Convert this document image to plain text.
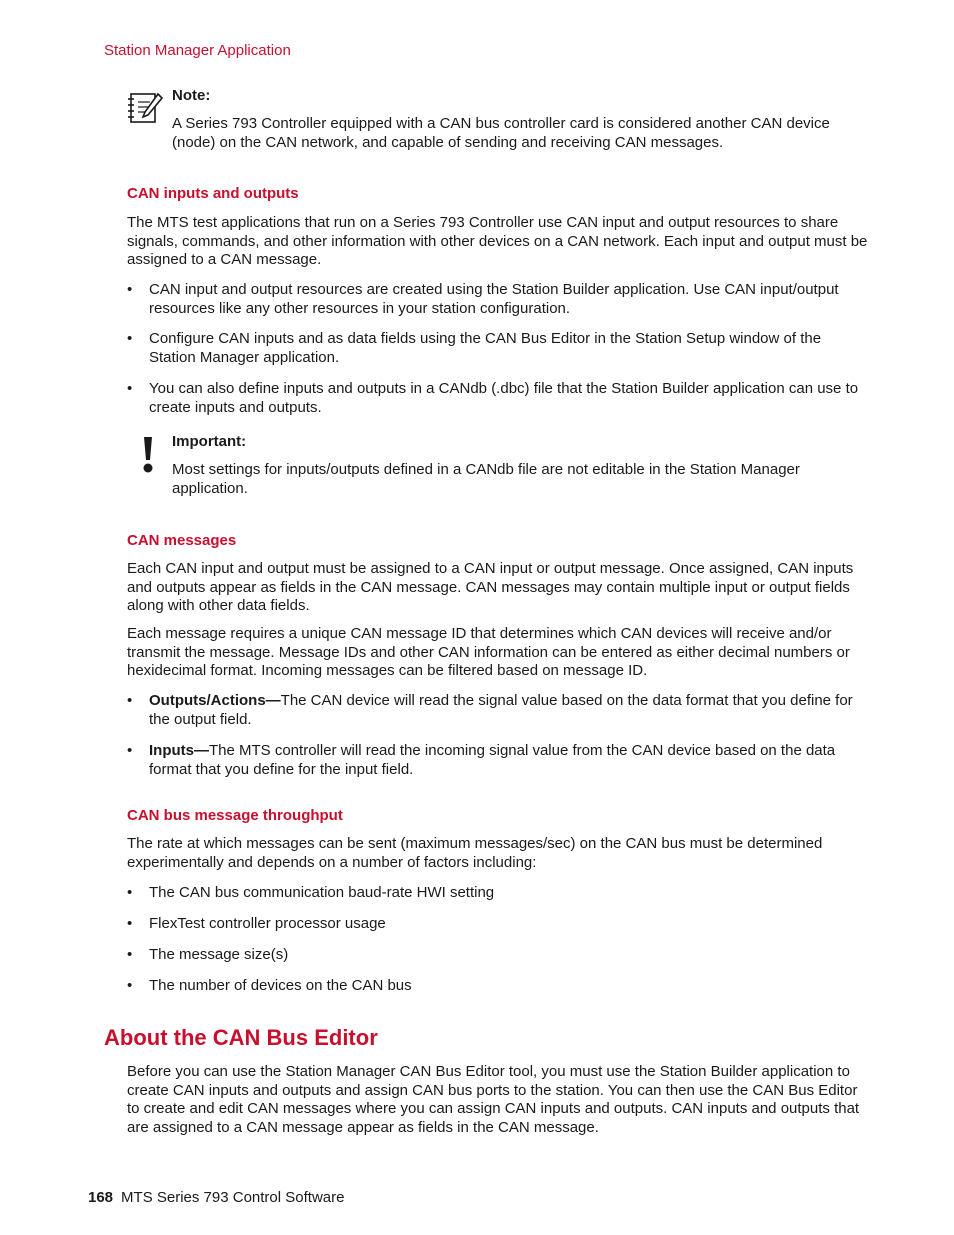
Station Manager Application
Note:
A Series 793 Controller equipped with a CAN bus controller card is considered another CAN device (node) on the CAN network, and capable of sending and receiving CAN messages.
CAN inputs and outputs
The MTS test applications that run on a Series 793 Controller use CAN input and output resources to share signals, commands, and other information with other devices on a CAN network. Each input and output must be assigned to a CAN message.
• CAN input and output resources are created using the Station Builder application. Use CAN input/output resources like any other resources in your station configuration.
• Configure CAN inputs and as data fields using the CAN Bus Editor in the Station Setup window of the Station Manager application.
• You can also define inputs and outputs in a CANdb (.dbc) file that the Station Builder application can use to create inputs and outputs.
Important:
Most settings for inputs/outputs defined in a CANdb file are not editable in the Station Manager application.
CAN messages
Each CAN input and output must be assigned to a CAN input or output message. Once assigned, CAN inputs and outputs appear as fields in the CAN message. CAN messages may contain multiple input or output fields along with other data fields.
Each message requires a unique CAN message ID that determines which CAN devices will receive and/or transmit the message. Message IDs and other CAN information can be entered as either decimal numbers or hexidecimal format. Incoming messages can be filtered based on message ID.
• Outputs/Actions—The CAN device will read the signal value based on the data format that you define for the output field.
• Inputs—The MTS controller will read the incoming signal value from the CAN device based on the data format that you define for the input field.
CAN bus message throughput
The rate at which messages can be sent (maximum messages/sec) on the CAN bus must be determined experimentally and depends on a number of factors including:
• The CAN bus communication baud-rate HWI setting
• FlexTest controller processor usage
• The message size(s)
• The number of devices on the CAN bus
About the CAN Bus Editor
Before you can use the Station Manager CAN Bus Editor tool, you must use the Station Builder application to create CAN inputs and outputs and assign CAN bus ports to the station. You can then use the CAN Bus Editor to create and edit CAN messages where you can assign CAN inputs and outputs. CAN inputs and outputs that are assigned to a CAN message appear as fields in the CAN message.
168 MTS Series 793 Control Software
